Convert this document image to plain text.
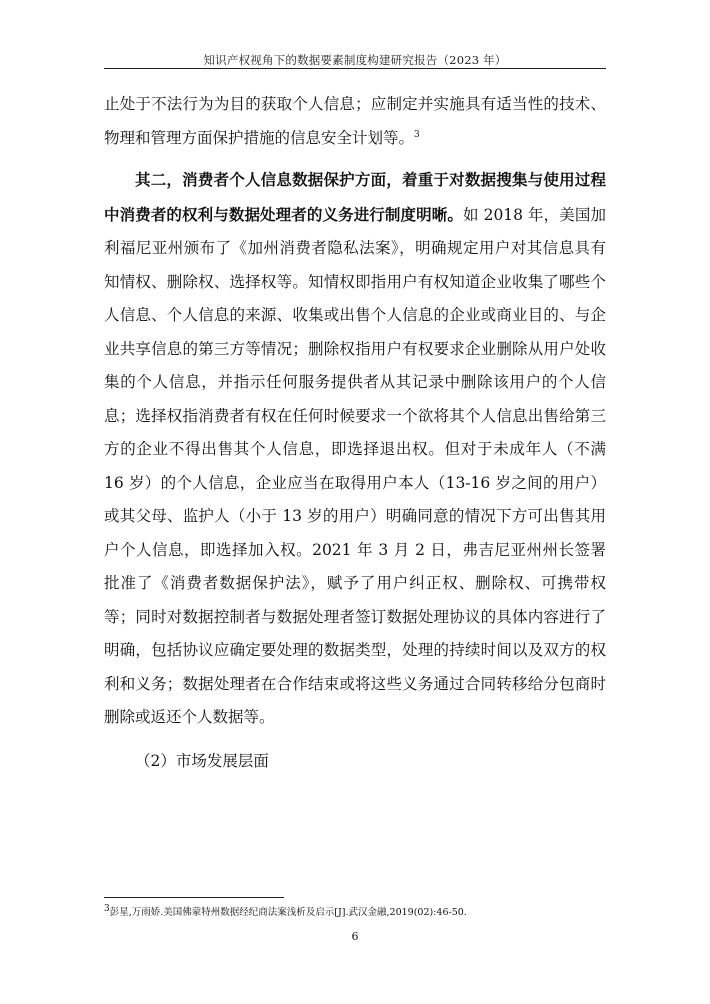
知识产权视角下的数据要素制度构建研究报告（2023 年）

止处于不法行为为目的获取个人信息；应制定并实施具有适当性的技术、物理和管理方面保护措施的信息安全计划等。$^3$

其二，消费者个人信息数据保护方面，着重于对数据搜集与使用过程中消费者的权利与数据处理者的义务进行制度明晰。如 2018 年，美国加利福尼亚州颁布了《加州消费者隐私法案》，明确规定用户对其信息具有知情权、删除权、选择权等。知情权即指用户有权知道企业收集了哪些个人信息、个人信息的来源、收集或出售个人信息的企业或商业目的、与企业共享信息的第三方等情况；删除权指用户有权要求企业删除从用户处收集的个人信息，并指示任何服务提供者从其记录中删除该用户的个人信息；选择权指消费者有权在任何时候要求一个欲将其个人信息出售给第三方的企业不得出售其个人信息，即选择退出权。但对于未成年人（不满 16 岁）的个人信息，企业应当在取得用户本人（13-16 岁之间的用户）或其父母、监护人（小于 13 岁的用户）明确同意的情况下方可出售其用户个人信息，即选择加入权。2021 年 3 月 2 日，弗吉尼亚州州长签署批准了《消费者数据保护法》，赋予了用户纠正权、删除权、可携带权等；同时对数据控制者与数据处理者签订数据处理协议的具体内容进行了明确，包括协议应确定要处理的数据类型，处理的持续时间以及双方的权利和义务；数据处理者在合作结束或将这些义务通过合同转移给分包商时删除或返还个人数据等。

（2）市场发展层面

3彭星,万雨娇.美国佛蒙特州数据经纪商法案浅析及启示[J].武汉金融,2019(02):46-50.
6
